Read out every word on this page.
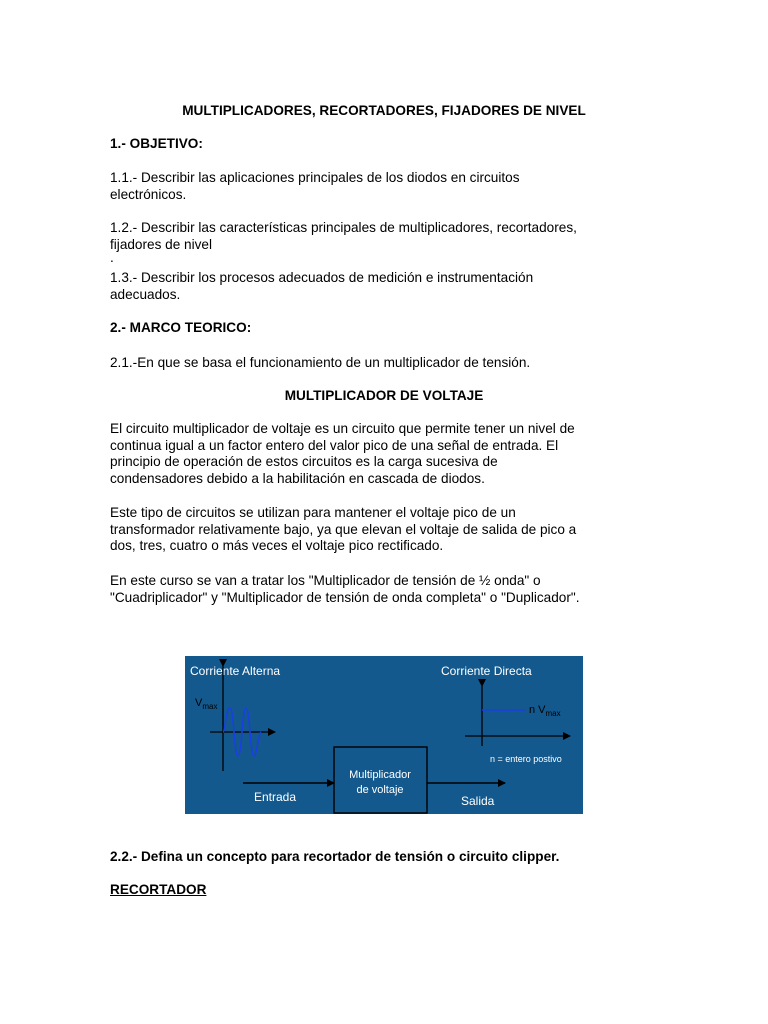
MULTIPLICADORES, RECORTADORES, FIJADORES DE NIVEL

1.- OBJETIVO:

1.1.- Describir las aplicaciones principales de los diodos en circuitos
electrónicos.

1.2.- Describir las características principales de multiplicadores, recortadores,
fijadores de nivel
.

1.3.- Describir los procesos adecuados de medición e instrumentación
adecuados.

2.- MARCO TEORICO:

2.1.-En que se basa el funcionamiento de un multiplicador de tensión.

MULTIPLICADOR DE VOLTAJE

El circuito multiplicador de voltaje es un circuito que permite tener un nivel de
continua igual a un factor entero del valor pico de una señal de entrada. El
principio de operación de estos circuitos es la carga sucesiva de
condensadores debido a la habilitación en cascada de diodos.

Este tipo de circuitos se utilizan para mantener el voltaje pico de un
transformador relativamente bajo, ya que elevan el voltaje de salida de pico a
dos, tres, cuatro o más veces el voltaje pico rectificado.

En este curso se van a tratar los "Multiplicador de tensión de ½ onda" o
"Cuadriplicador" y "Multiplicador de tensión de onda completa" o "Duplicador".

Corriente Alterna
$V_{max}$
Corriente Directa
n $V_{max}$
n = entero postivo
Multiplicador
de voltaje
Entrada	Salida

2.2.- Defina un concepto para recortador de tensión o circuito clipper.

RECORTADOR
